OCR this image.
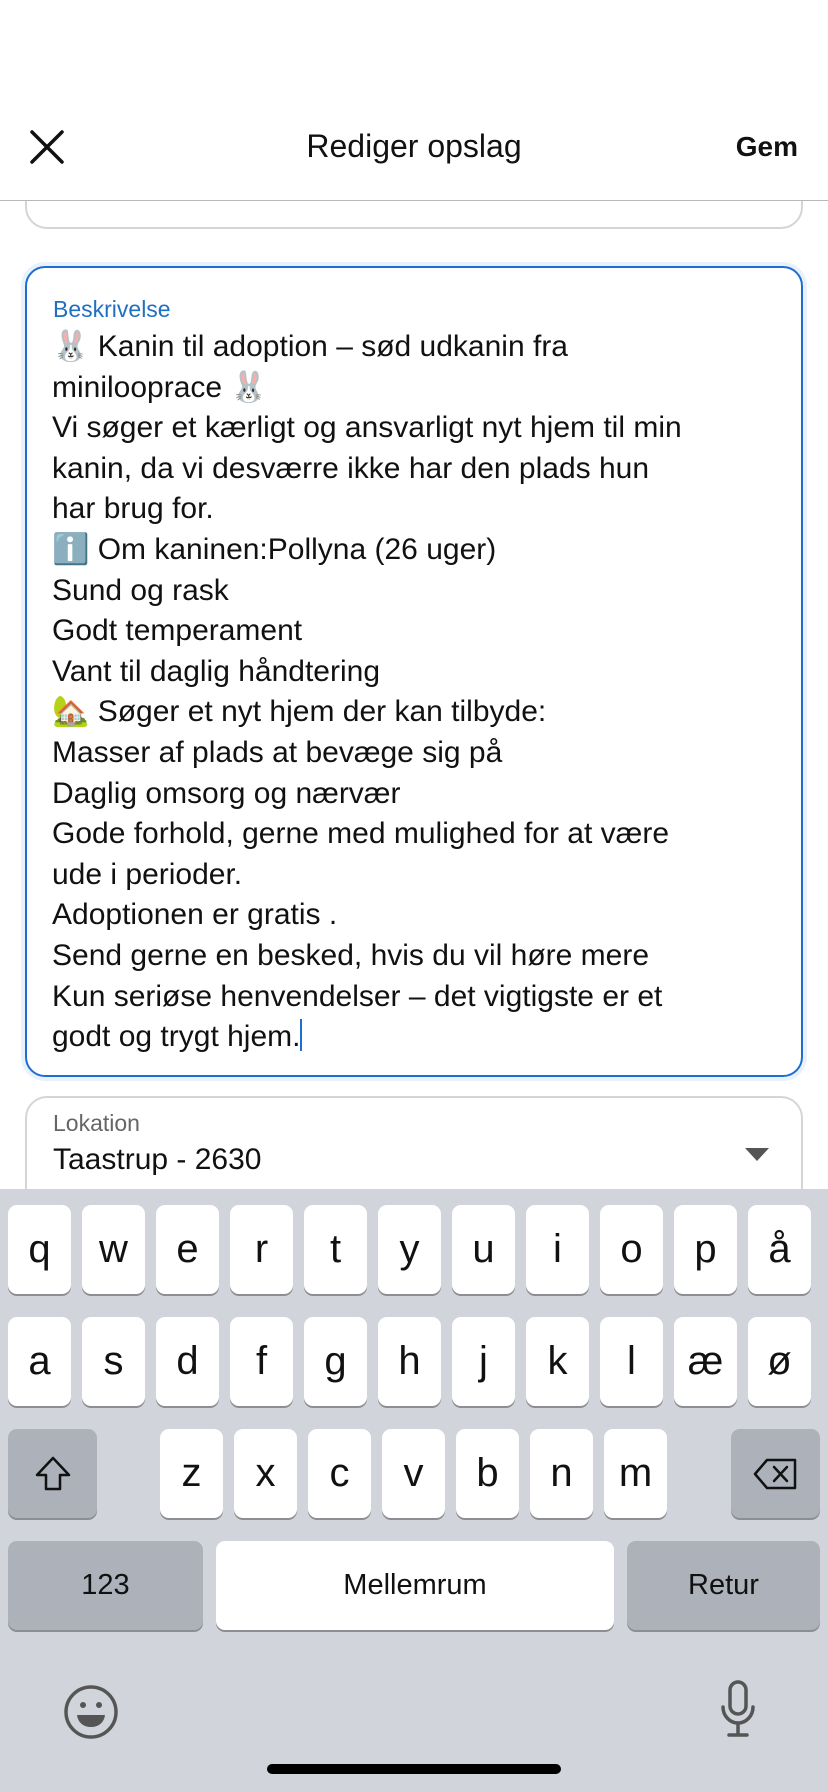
Rediger opslag	Gem
Beskrivelse
🐰 Kanin til adoption – sød udkanin fra
minilooprace 🐰
Vi søger et kærligt og ansvarligt nyt hjem til min
kanin, da vi desværre ikke har den plads hun
har brug for.
ℹ️ Om kaninen:Pollyna (26 uger)
Sund og rask
Godt temperament
Vant til daglig håndtering
🏡 Søger et nyt hjem der kan tilbyde:
Masser af plads at bevæge sig på
Daglig omsorg og nærvær
Gode forhold, gerne med mulighed for at være
ude i perioder.
Adoptionen er gratis .
Send gerne en besked, hvis du vil høre mere
Kun seriøse henvendelser – det vigtigste er et
godt og trygt hjem.
Lokation
Taastrup - 2630
123	Mellemrum	Retur
q	w	e	r	t	y	u	i	o	p	å
a	s	d	f	g	h	j	k	l	æ	ø
z	x	c	v	b	n	m
